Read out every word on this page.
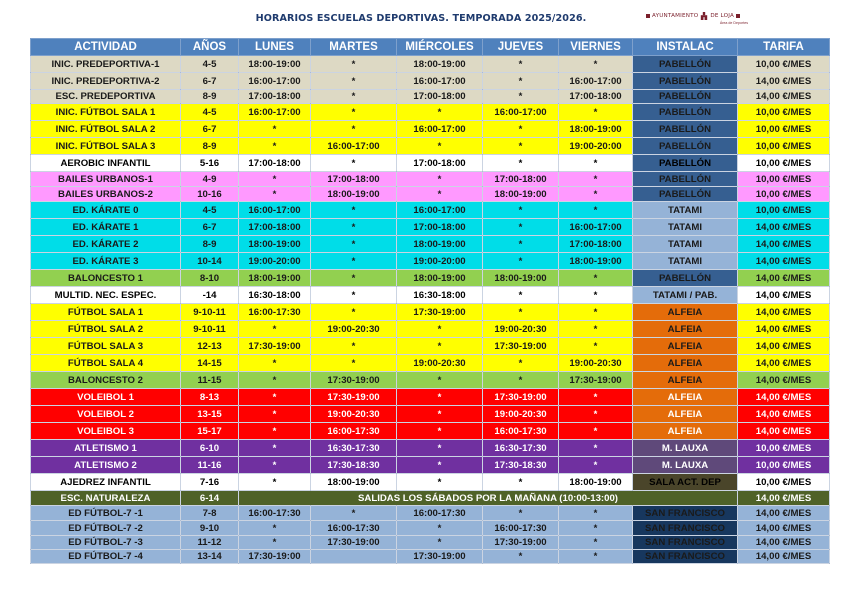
HORARIOS ESCUELAS DEPORTIVAS. TEMPORADA 2025/2026.	AYUNTAMIENTO DE LOJA
Área de Deportes
ACTIVIDAD	AÑOS	LUNES	MARTES	MIÉRCOLES	JUEVES	VIERNES	INSTALAC	TARIFA
INIC. PREDEPORTIVA-1	4-5	18:00-19:00	*	18:00-19:00	*	*	PABELLÓN	10,00 €/MES
INIC. PREDEPORTIVA-2	6-7	16:00-17:00	*	16:00-17:00	*	16:00-17:00	PABELLÓN	14,00 €/MES
ESC. PREDEPORTIVA	8-9	17:00-18:00	*	17:00-18:00	*	17:00-18:00	PABELLÓN	14,00 €/MES
INIC. FÚTBOL SALA 1	4-5	16:00-17:00	*	*	16:00-17:00	*	PABELLÓN	10,00 €/MES
INIC. FÚTBOL SALA 2	6-7	*	*	16:00-17:00	*	18:00-19:00	PABELLÓN	10,00 €/MES
INIC. FÚTBOL SALA 3	8-9	*	16:00-17:00	*	*	19:00-20:00	PABELLÓN	10,00 €/MES
AEROBIC INFANTIL	5-16	17:00-18:00	*	17:00-18:00	*	*	PABELLÓN	10,00 €/MES
BAILES URBANOS-1	4-9	*	17:00-18:00	*	17:00-18:00	*	PABELLÓN	10,00 €/MES
BAILES URBANOS-2	10-16	*	18:00-19:00	*	18:00-19:00	*	PABELLÓN	10,00 €/MES
ED. KÁRATE 0	4-5	16:00-17:00	*	16:00-17:00	*	*	TATAMI	10,00 €/MES
ED. KÁRATE 1	6-7	17:00-18:00	*	17:00-18:00	*	16:00-17:00	TATAMI	14,00 €/MES
ED. KÁRATE 2	8-9	18:00-19:00	*	18:00-19:00	*	17:00-18:00	TATAMI	14,00 €/MES
ED. KÁRATE 3	10-14	19:00-20:00	*	19:00-20:00	*	18:00-19:00	TATAMI	14,00 €/MES
BALONCESTO 1	8-10	18:00-19:00	*	18:00-19:00	18:00-19:00	*	PABELLÓN	14,00 €/MES
MULTID. NEC. ESPEC.	-14	16:30-18:00	*	16:30-18:00	*	*	TATAMI / PAB.	14,00 €/MES
FÚTBOL SALA 1	9-10-11	16:00-17:30	*	17:30-19:00	*	*	ALFEIA	14,00 €/MES
FÚTBOL SALA 2	9-10-11	*	19:00-20:30	*	19:00-20:30	*	ALFEIA	14,00 €/MES
FÚTBOL SALA 3	12-13	17:30-19:00	*	*	17:30-19:00	*	ALFEIA	14,00 €/MES
FÚTBOL SALA 4	14-15	*	*	19:00-20:30	*	19:00-20:30	ALFEIA	14,00 €/MES
BALONCESTO 2	11-15	*	17:30-19:00	*	*	17:30-19:00	ALFEIA	14,00 €/MES
VOLEIBOL 1	8-13	*	17:30-19:00	*	17:30-19:00	*	ALFEIA	14,00 €/MES
VOLEIBOL 2	13-15	*	19:00-20:30	*	19:00-20:30	*	ALFEIA	14,00 €/MES
VOLEIBOL 3	15-17	*	16:00-17:30	*	16:00-17:30	*	ALFEIA	14,00 €/MES
ATLETISMO 1	6-10	*	16:30-17:30	*	16:30-17:30	*	M. LAUXA	10,00 €/MES
ATLETISMO 2	11-16	*	17:30-18:30	*	17:30-18:30	*	M. LAUXA	10,00 €/MES
AJEDREZ INFANTIL	7-16	*	18:00-19:00	*	*	18:00-19:00	SALA ACT. DEP	10,00 €/MES
ESC. NATURALEZA	6-14	SALIDAS LOS SÁBADOS POR LA MAÑANA (10:00-13:00)						14,00 €/MES
ED FÚTBOL-7 -1	7-8	16:00-17:30	*	16:00-17:30	*	*	SAN FRANCISCO	14,00 €/MES
ED FÚTBOL-7 -2	9-10	*	16:00-17:30	*	16:00-17:30	*	SAN FRANCISCO	14,00 €/MES
ED FÚTBOL-7 -3	11-12	*	17:30-19:00	*	17:30-19:00	*	SAN FRANCISCO	14,00 €/MES
ED FÚTBOL-7 -4	13-14	17:30-19:00		17:30-19:00	*	*	SAN FRANCISCO	14,00 €/MES
